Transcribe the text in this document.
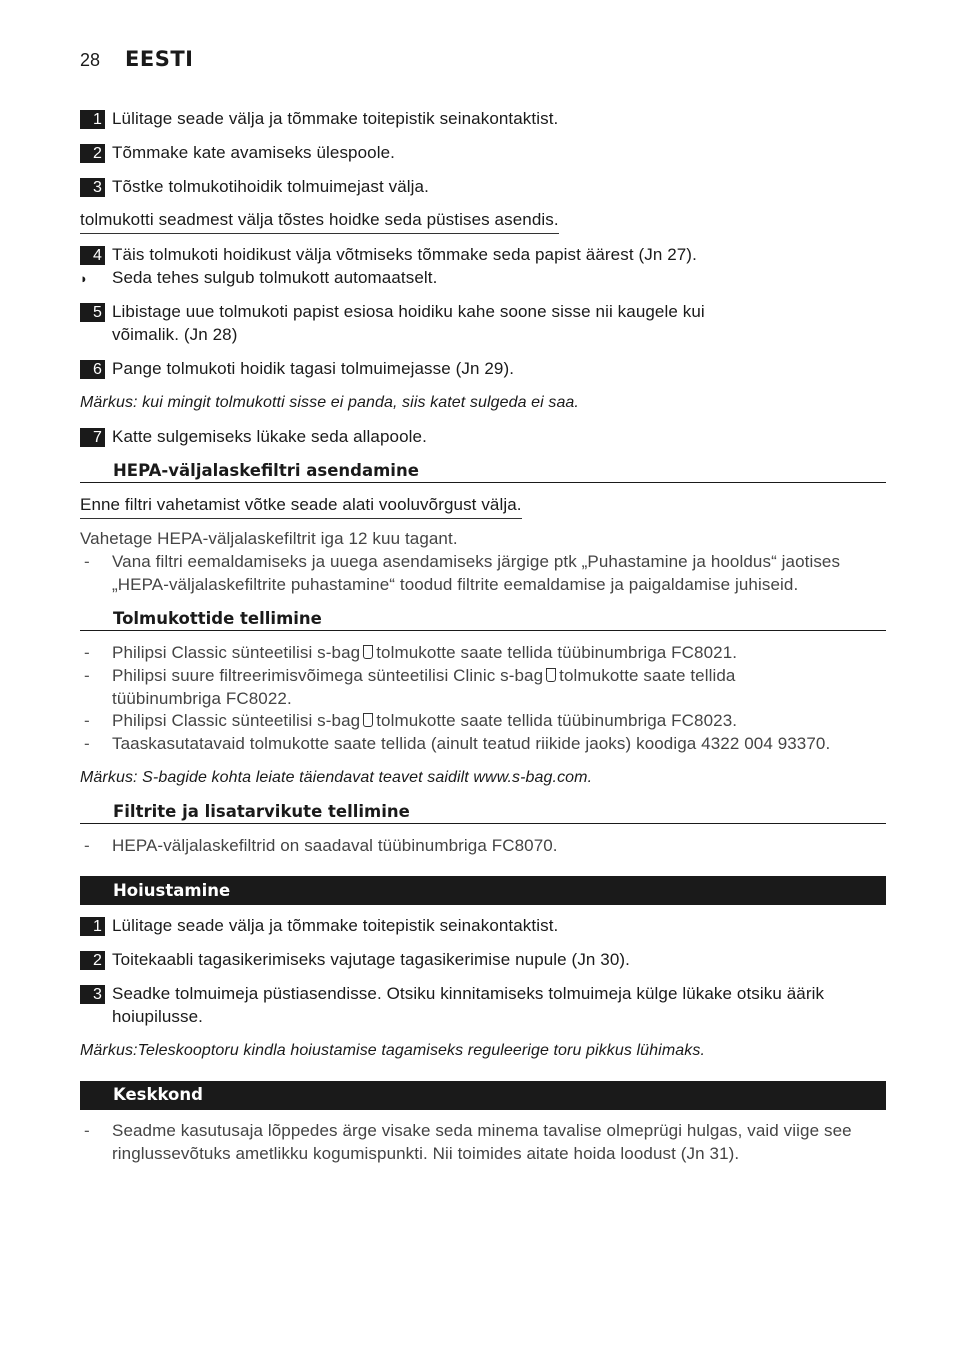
28 EESTI
1 Lülitage seade välja ja tõmmake toitepistik seinakontaktist.
2 Tõmmake kate avamiseks ülespoole.
3 Tõstke tolmukotihoidik tolmuimejast välja.
tolmukotti seadmest välja tõstes hoidke seda püstises asendis.
4 Täis tolmukoti hoidikust välja võtmiseks tõmmake seda papist äärest (Jn 27).
◗ Seda tehes sulgub tolmukott automaatselt.
5 Libistage uue tolmukoti papist esiosa hoidiku kahe soone sisse nii kaugele kui
võimalik. (Jn 28)
6 Pange tolmukoti hoidik tagasi tolmuimejasse (Jn 29).
Märkus: kui mingit tolmukotti sisse ei panda, siis katet sulgeda ei saa.
7 Katte sulgemiseks lükake seda allapoole.
HEPA-väljalaskefiltri asendamine
Enne filtri vahetamist võtke seade alati vooluvõrgust välja.
Vahetage HEPA-väljalaskefiltrit iga 12 kuu tagant.
- Vana filtri eemaldamiseks ja uuega asendamiseks järgige ptk „Puhastamine ja hooldus“ jaotises
„HEPA-väljalaskefiltrite puhastamine“ toodud filtrite eemaldamise ja paigaldamise juhiseid.
Tolmukottide tellimine
- Philipsi Classic sünteetilisi s-bag tolmukotte saate tellida tüübinumbriga FC8021.
- Philipsi suure filtreerimisvõimega sünteetilisi Clinic s-bag tolmukotte saate tellida
tüübinumbriga FC8022.
- Philipsi Classic sünteetilisi s-bag tolmukotte saate tellida tüübinumbriga FC8023.
- Taaskasutatavaid tolmukotte saate tellida (ainult teatud riikide jaoks) koodiga 4322 004 93370.
Märkus: S-bagide kohta leiate täiendavat teavet saidilt www.s-bag.com.
Filtrite ja lisatarvikute tellimine
- HEPA-väljalaskefiltrid on saadaval tüübinumbriga FC8070.
Hoiustamine
1 Lülitage seade välja ja tõmmake toitepistik seinakontaktist.
2 Toitekaabli tagasikerimiseks vajutage tagasikerimise nupule (Jn 30).
3 Seadke tolmuimeja püstiasendisse. Otsiku kinnitamiseks tolmuimeja külge lükake otsiku äärik
hoiupilusse.
Märkus:Teleskooptoru kindla hoiustamise tagamiseks reguleerige toru pikkus lühimaks.
Keskkond
- Seadme kasutusaja lõppedes ärge visake seda minema tavalise olmeprügi hulgas, vaid viige see
ringlussevõtuks ametlikku kogumispunkti. Nii toimides aitate hoida loodust (Jn 31).
